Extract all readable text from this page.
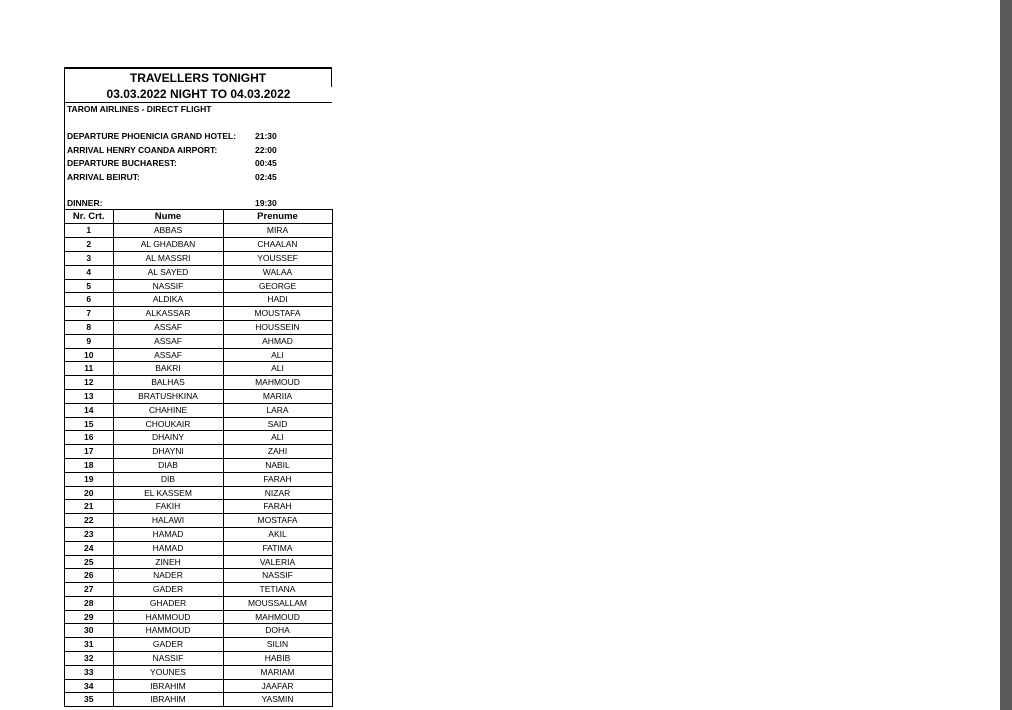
TRAVELLERS TONIGHT
03.03.2022 NIGHT TO 04.03.2022
TAROM AIRLINES - DIRECT FLIGHT
DEPARTURE PHOENICIA GRAND HOTEL: 21:30
ARRIVAL HENRY COANDA AIRPORT:	22:00
DEPARTURE BUCHAREST:	00:45
ARRIVAL BEIRUT:	02:45
DINNER:	19:30
Nr. Crt.	Nume	Prenume
1	ABBAS	MIRA
2	AL GHADBAN	CHAALAN
3	AL MASSRI	YOUSSEF
4	AL SAYED	WALAA
5	NASSIF	GEORGE
6	ALDIKA	HADI
7	ALKASSAR	MOUSTAFA
8	ASSAF	HOUSSEIN
9	ASSAF	AHMAD
10	ASSAF	ALI
11	BAKRI	ALI
12	BALHAS	MAHMOUD
13	BRATUSHKINA	MARIIA
14	CHAHINE	LARA
15	CHOUKAIR	SAID
16	DHAINY	ALI
17	DHAYNI	ZAHI
18	DIAB	NABIL
19	DIB	FARAH
20	EL KASSEM	NIZAR
21	FAKIH	FARAH
22	HALAWI	MOSTAFA
23	HAMAD	AKIL
24	HAMAD	FATIMA
25	ZINEH	VALERIA
26	NADER	NASSIF
27	GADER	TETIANA
28	GHADER	MOUSSALLAM
29	HAMMOUD	MAHMOUD
30	HAMMOUD	DOHA
31	GADER	SILIN
32	NASSIF	HABIB
33	YOUNES	MARIAM
34	IBRAHIM	JAAFAR
35	IBRAHIM	YASMIN
